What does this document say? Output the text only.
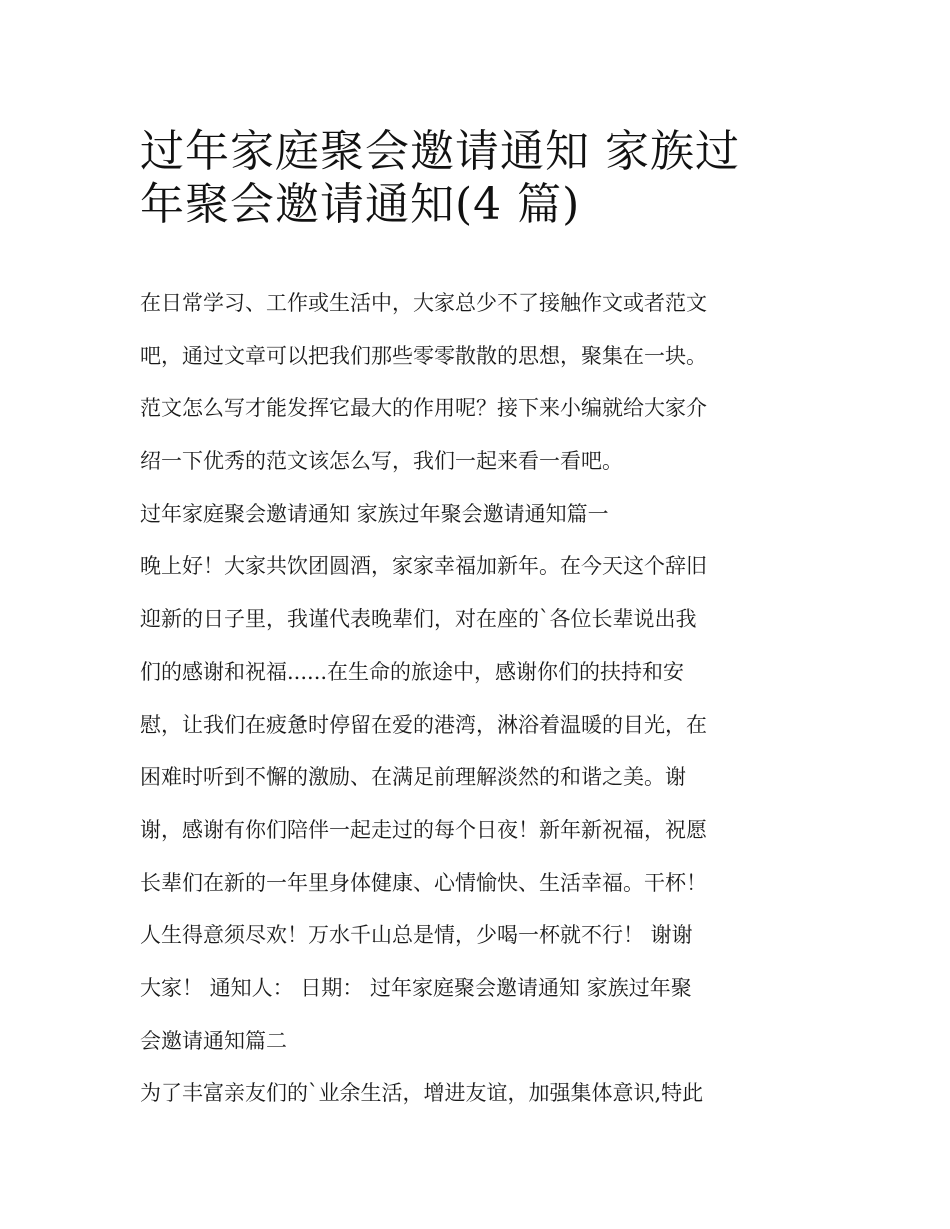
过年家庭聚会邀请通知 家族过
年聚会邀请通知(4 篇)
在日常学习、工作或生活中，大家总少不了接触作文或者范文
吧，通过文章可以把我们那些零零散散的思想，聚集在一块。
范文怎么写才能发挥它最大的作用呢？接下来小编就给大家介
绍一下优秀的范文该怎么写，我们一起来看一看吧。
过年家庭聚会邀请通知 家族过年聚会邀请通知篇一
晚上好！大家共饮团圆酒，家家幸福加新年。在今天这个辞旧
迎新的日子里，我谨代表晚辈们，对在座的`各位长辈说出我
们的感谢和祝福......在生命的旅途中，感谢你们的扶持和安
慰，让我们在疲惫时停留在爱的港湾，淋浴着温暖的目光，在
困难时听到不懈的激励、在满足前理解淡然的和谐之美。谢
谢，感谢有你们陪伴一起走过的每个日夜！新年新祝福，祝愿
长辈们在新的一年里身体健康、心情愉快、生活幸福。干杯！
人生得意须尽欢！万水千山总是情，少喝一杯就不行！ 谢谢
大家！ 通知人： 日期： 过年家庭聚会邀请通知 家族过年聚
会邀请通知篇二
为了丰富亲友们的`业余生活，增进友谊，加强集体意识,特此
